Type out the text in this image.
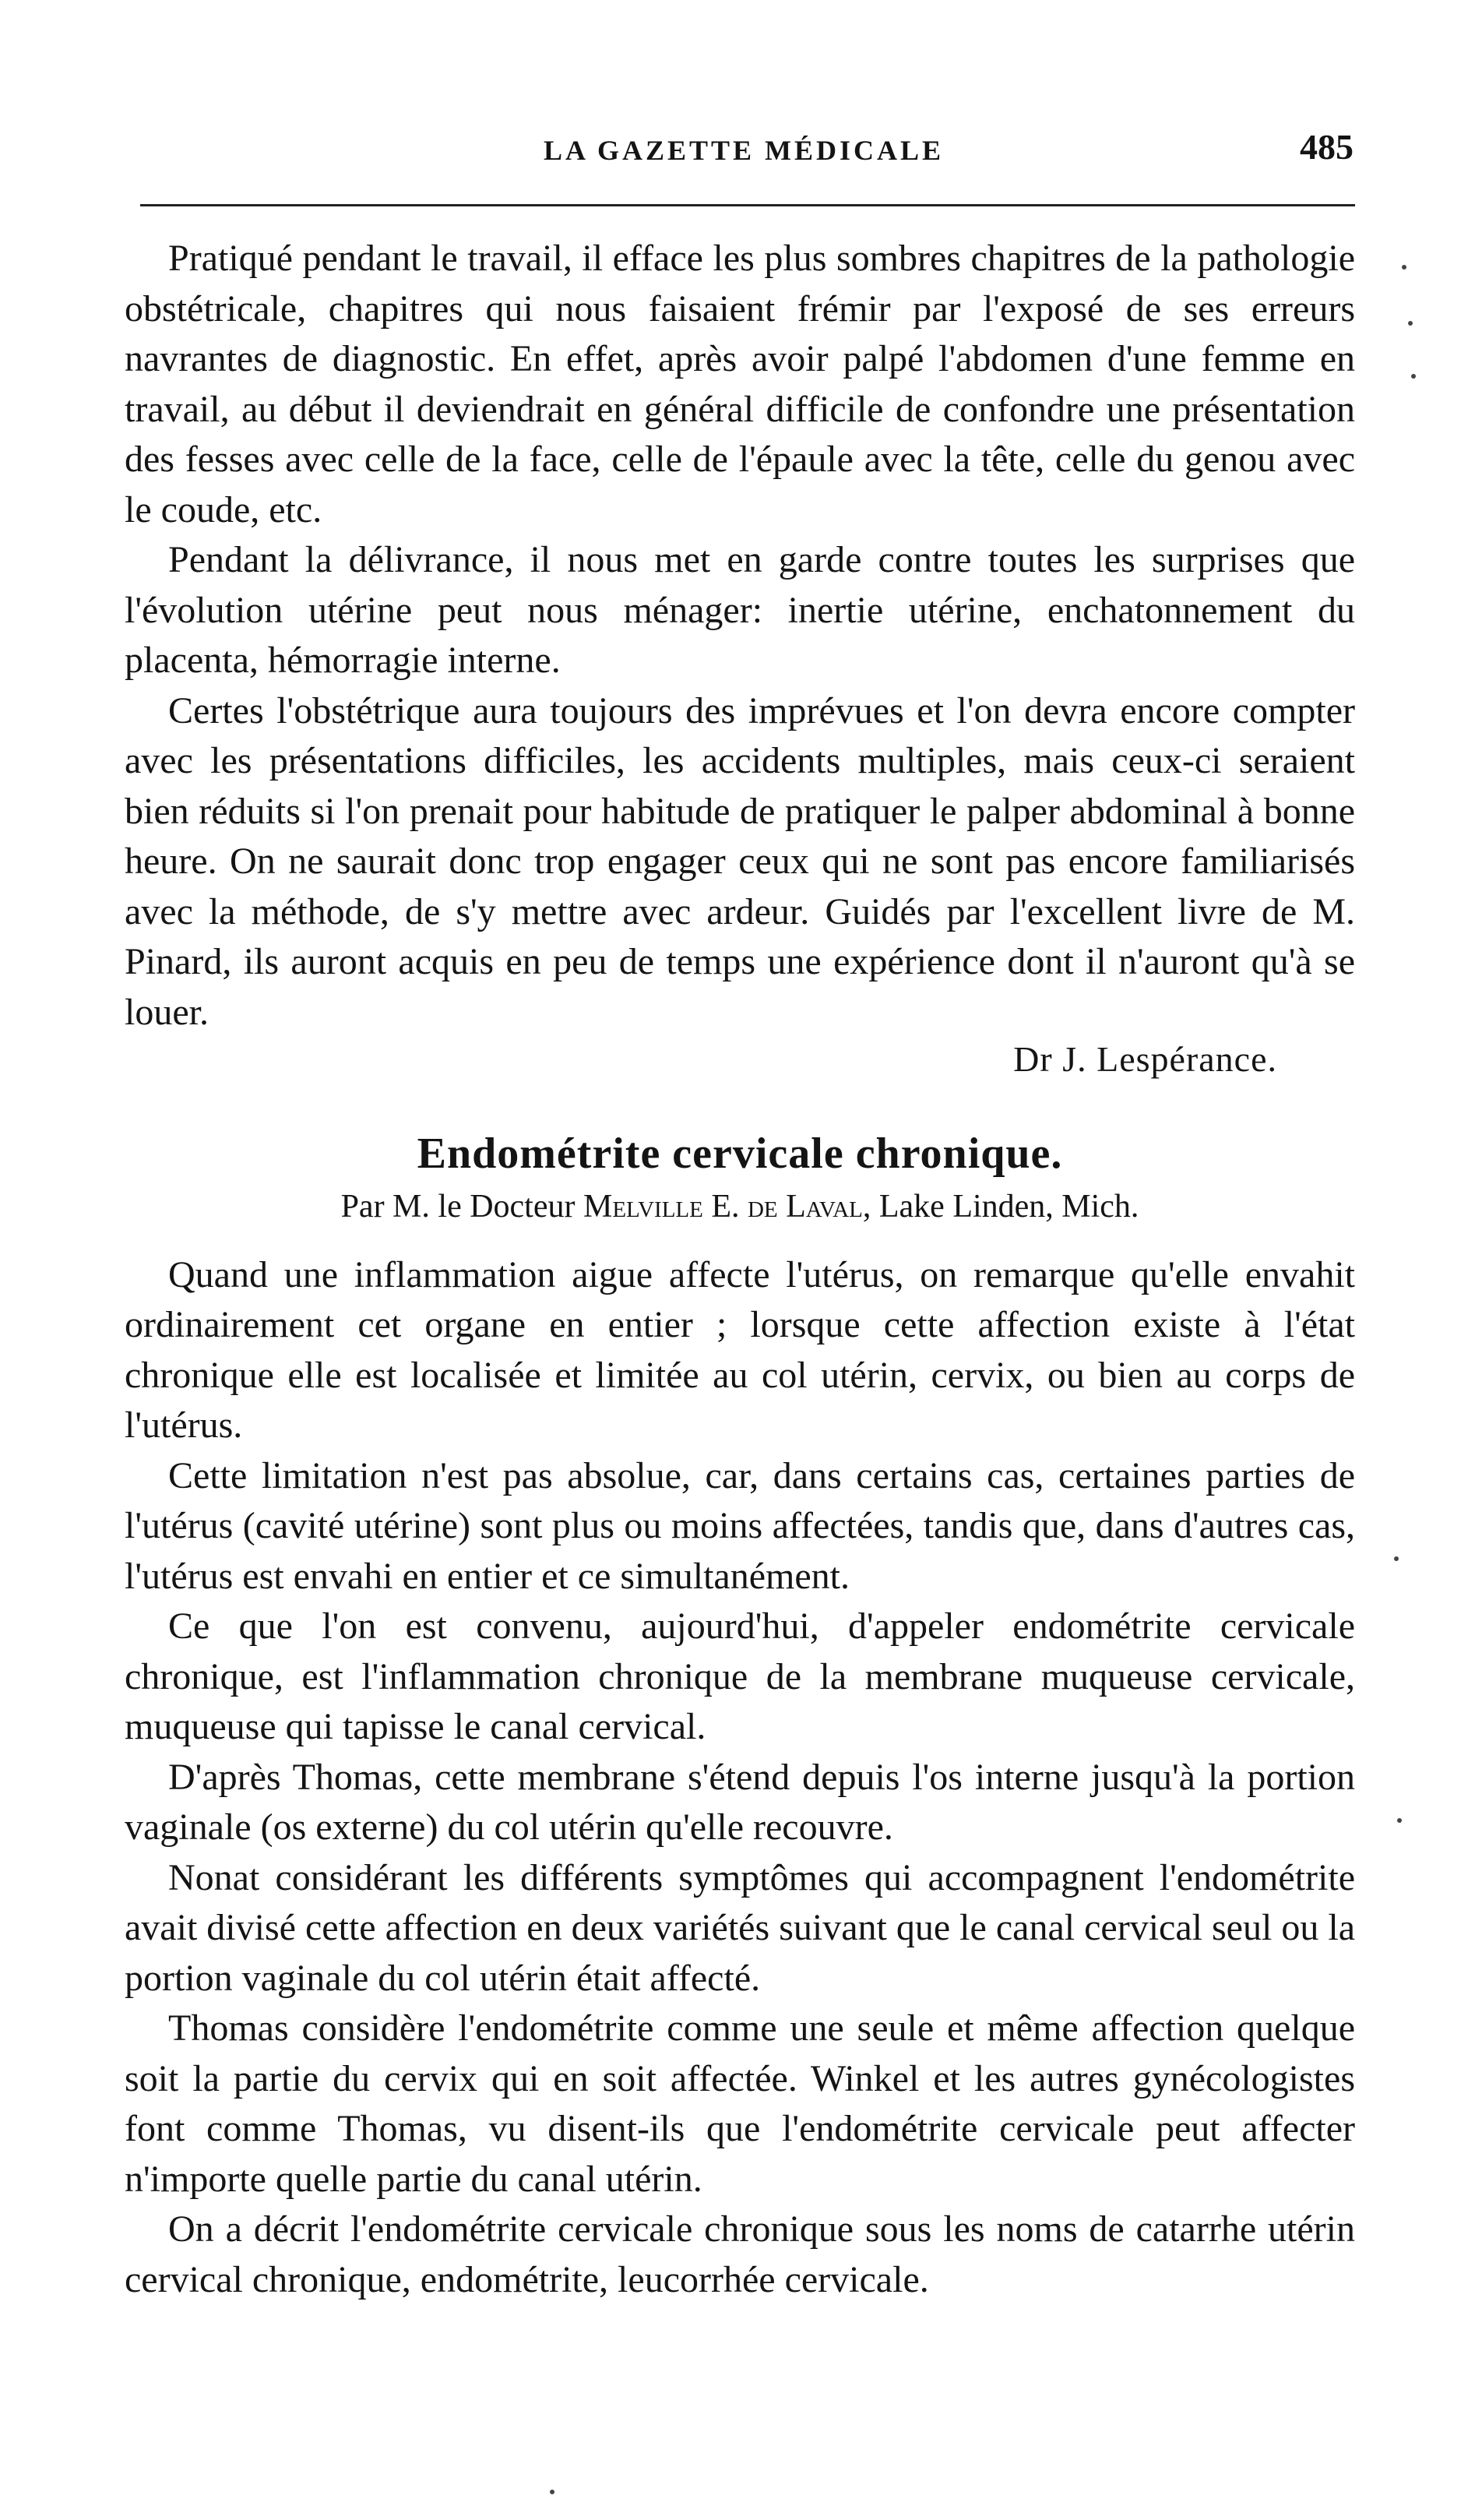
LA GAZETTE MÉDICALE	485

Pratiqué pendant le travail, il efface les plus sombres chapitres de la pathologie obstétricale, chapitres qui nous faisaient frémir par l'exposé de ses erreurs navrantes de diagnostic. En effet, après avoir palpé l'abdomen d'une femme en travail, au début il deviendrait en général difficile de confondre une présentation des fesses avec celle de la face, celle de l'épaule avec la tête, celle du genou avec le coude, etc.

Pendant la délivrance, il nous met en garde contre toutes les surprises que l'évolution utérine peut nous ménager: inertie utérine, enchatonnement du placenta, hémorragie interne.

Certes l'obstétrique aura toujours des imprévues et l'on devra encore compter avec les présentations difficiles, les accidents multiples, mais ceux-ci seraient bien réduits si l'on prenait pour habitude de pratiquer le palper abdominal à bonne heure. On ne saurait donc trop engager ceux qui ne sont pas encore familiarisés avec la méthode, de s'y mettre avec ardeur. Guidés par l'excellent livre de M. Pinard, ils auront acquis en peu de temps une expérience dont il n'auront qu'à se louer.

Dr J. Lespérance.
Endométrite cervicale chronique.
Par M. le Docteur Melville E. de Laval, Lake Linden, Mich.

Quand une inflammation aigue affecte l'utérus, on remarque qu'elle envahit ordinairement cet organe en entier ; lorsque cette affection existe à l'état chronique elle est localisée et limitée au col utérin, cervix, ou bien au corps de l'utérus.

Cette limitation n'est pas absolue, car, dans certains cas, certaines parties de l'utérus (cavité utérine) sont plus ou moins affectées, tandis que, dans d'autres cas, l'utérus est envahi en entier et ce simultanément.

Ce que l'on est convenu, aujourd'hui, d'appeler endométrite cervicale chronique, est l'inflammation chronique de la membrane muqueuse cervicale, muqueuse qui tapisse le canal cervical.

D'après Thomas, cette membrane s'étend depuis l'os interne jusqu'à la portion vaginale (os externe) du col utérin qu'elle recouvre.

Nonat considérant les différents symptômes qui accompagnent l'endométrite avait divisé cette affection en deux variétés suivant que le canal cervical seul ou la portion vaginale du col utérin était affecté.

Thomas considère l'endométrite comme une seule et même affection quelque soit la partie du cervix qui en soit affectée. Winkel et les autres gynécologistes font comme Thomas, vu disent-ils que l'endométrite cervicale peut affecter n'importe quelle partie du canal utérin.

On a décrit l'endométrite cervicale chronique sous les noms de catarrhe utérin cervical chronique, endométrite, leucorrhée cervicale.
